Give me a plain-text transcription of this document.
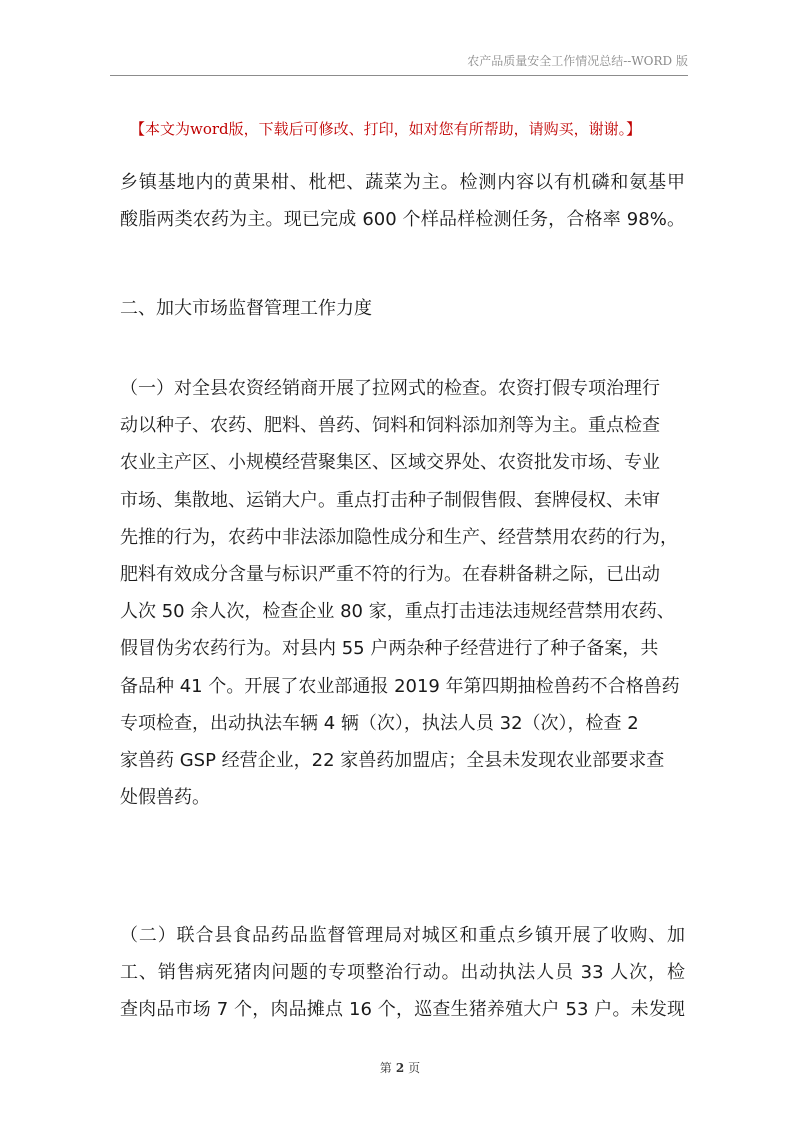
农产品质量安全工作情况总结--WORD 版
【本文为word版，下载后可修改、打印，如对您有所帮助，请购买，谢谢。】
乡镇基地内的黄果柑、枇杷、蔬菜为主。检测内容以有机磷和氨基甲
酸脂两类农药为主。现已完成 600 个样品样检测任务，合格率 98%。
二、加大市场监督管理工作力度
（一）对全县农资经销商开展了拉网式的检查。农资打假专项治理行
动以种子、农药、肥料、兽药、饲料和饲料添加剂等为主。重点检查
农业主产区、小规模经营聚集区、区域交界处、农资批发市场、专业
市场、集散地、运销大户。重点打击种子制假售假、套牌侵权、未审
先推的行为，农药中非法添加隐性成分和生产、经营禁用农药的行为，
肥料有效成分含量与标识严重不符的行为。在春耕备耕之际，已出动
人次 50 余人次，检查企业 80 家，重点打击违法违规经营禁用农药、
假冒伪劣农药行为。对县内 55 户两杂种子经营进行了种子备案，共
备品种 41 个。开展了农业部通报 2019 年第四期抽检兽药不合格兽药
专项检查，出动执法车辆 4 辆（次），执法人员 32（次），检查 2
家兽药 GSP 经营企业，22 家兽药加盟店；全县未发现农业部要求查
处假兽药。
（二）联合县食品药品监督管理局对城区和重点乡镇开展了收购、加
工、销售病死猪肉问题的专项整治行动。出动执法人员 33 人次，检
查肉品市场 7 个，肉品摊点 16 个，巡查生猪养殖大户 53 户。未发现
第 2 页
